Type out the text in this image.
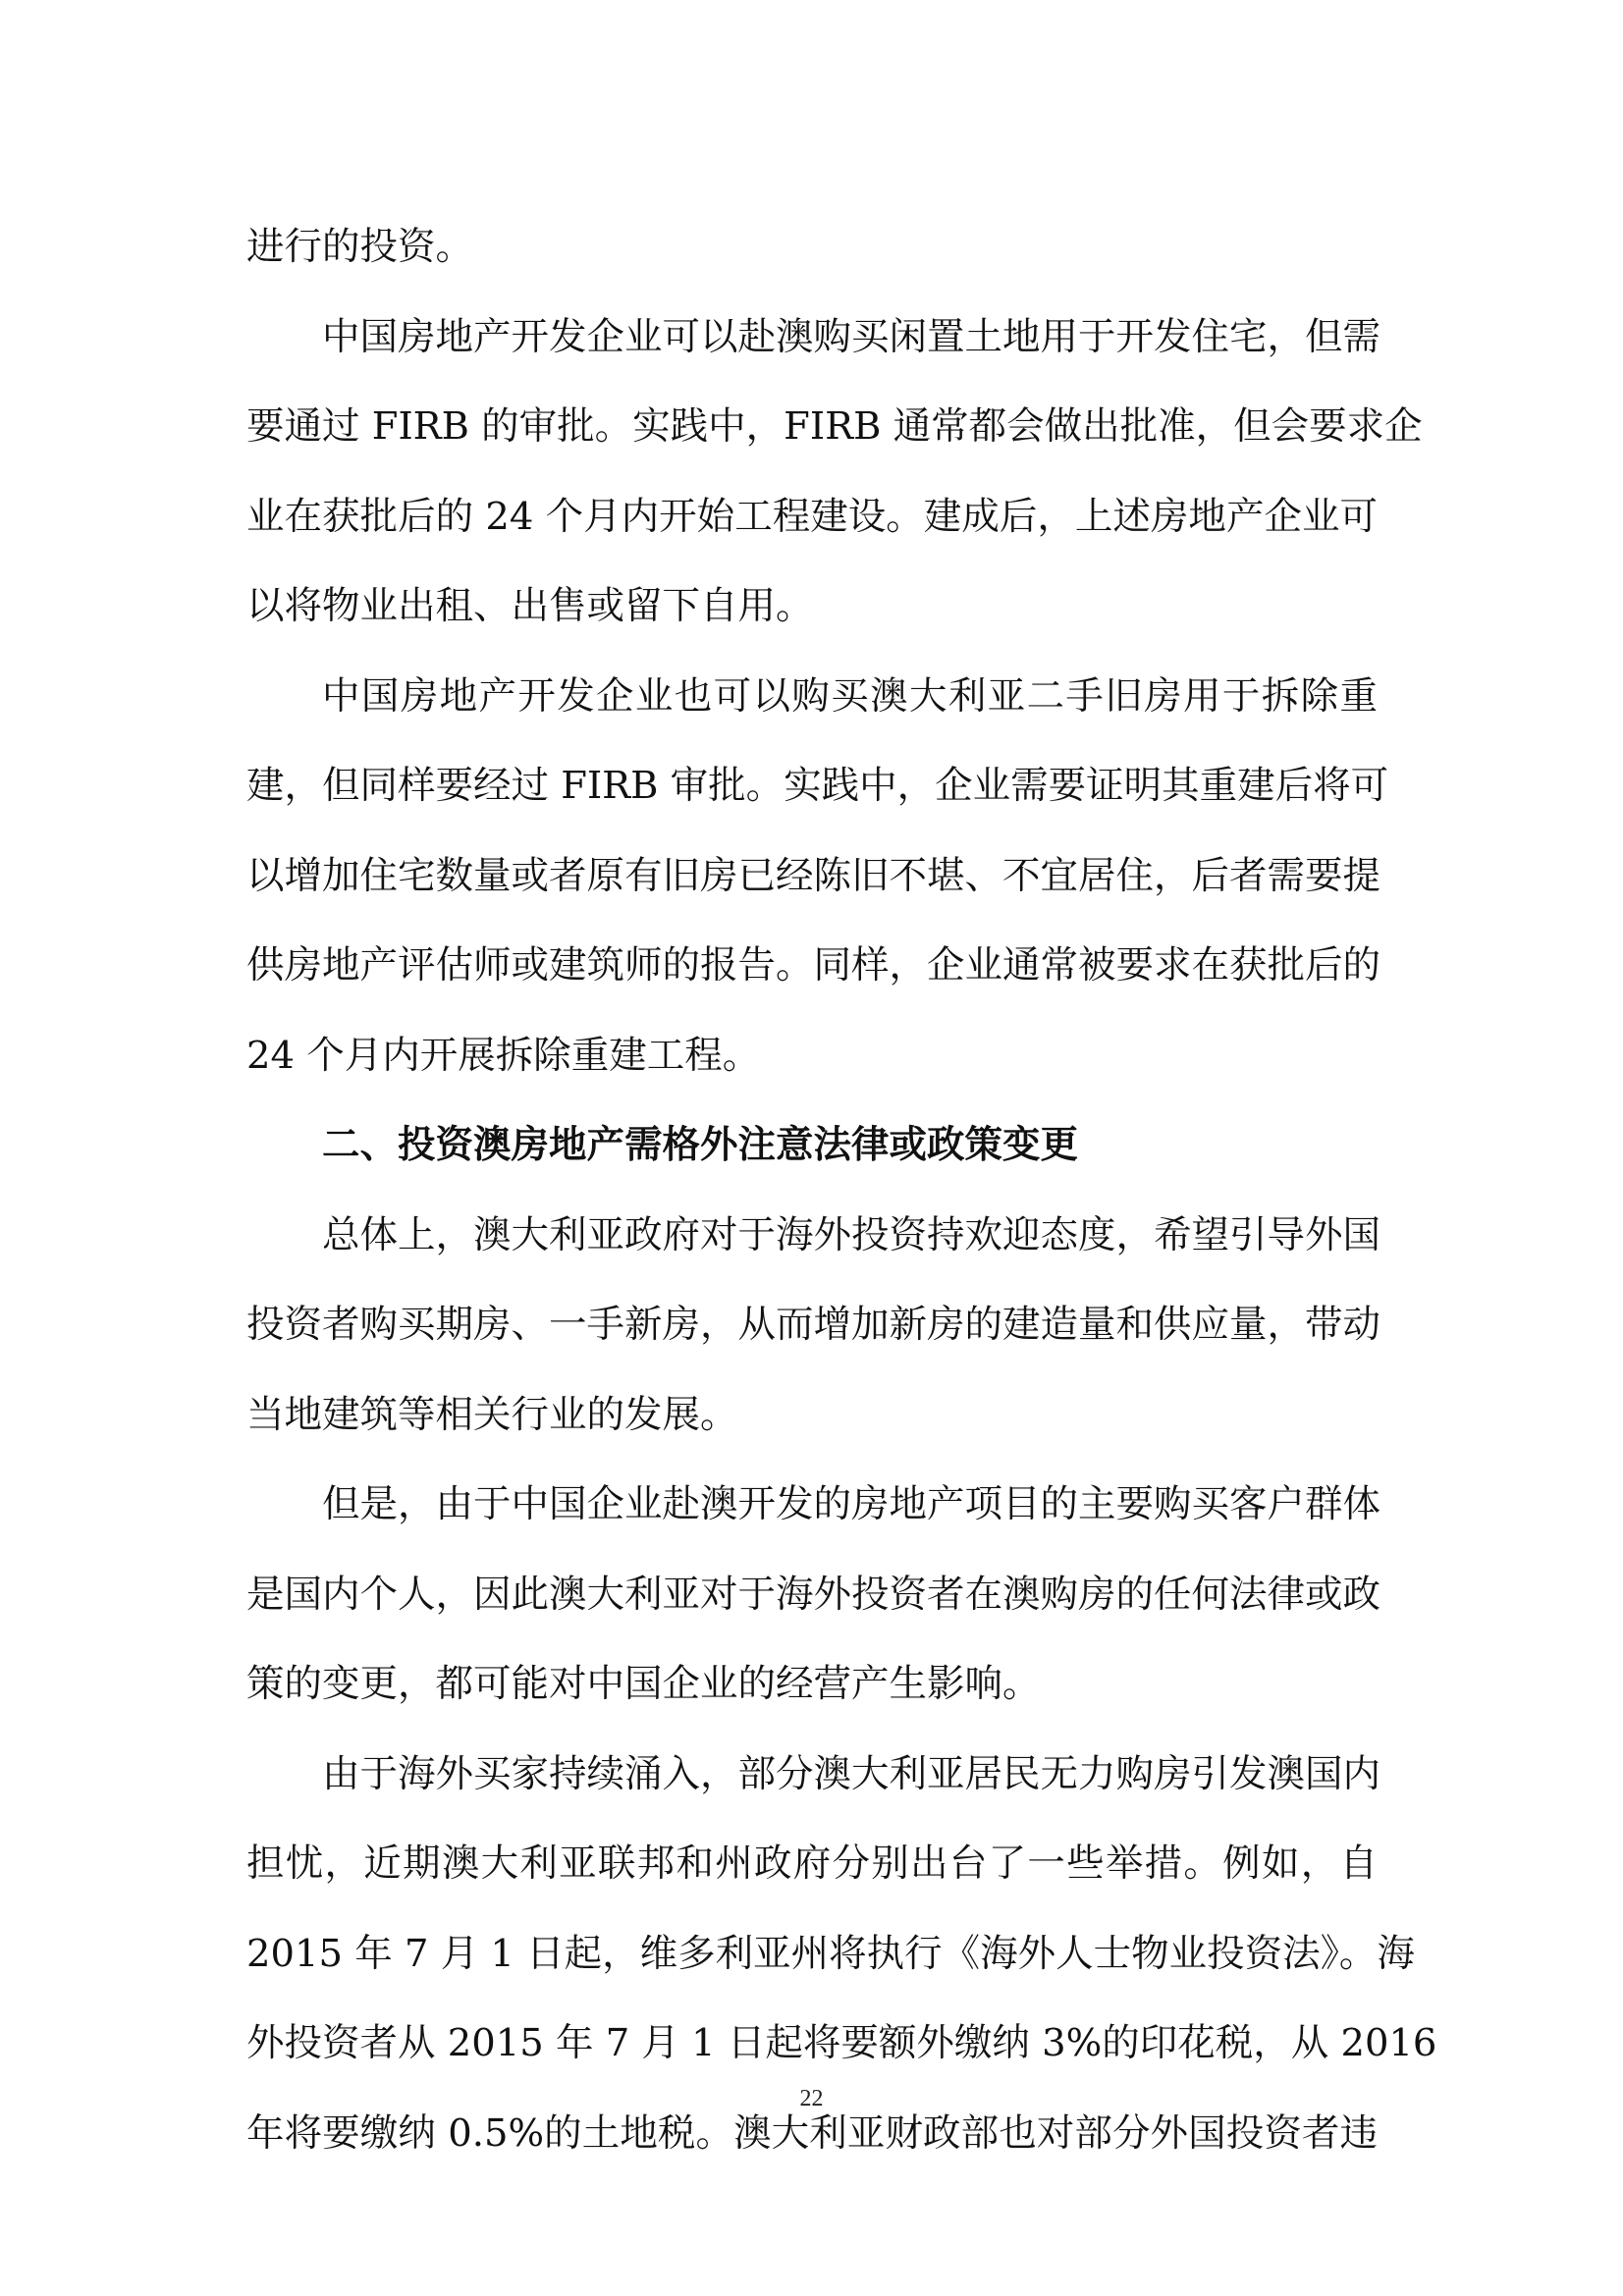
进行的投资。
中国房地产开发企业可以赴澳购买闲置土地用于开发住宅，但需
要通过 FIRB 的审批。实践中，FIRB 通常都会做出批准，但会要求企
业在获批后的 24 个月内开始工程建设。建成后，上述房地产企业可
以将物业出租、出售或留下自用。
中国房地产开发企业也可以购买澳大利亚二手旧房用于拆除重
建，但同样要经过 FIRB 审批。实践中，企业需要证明其重建后将可
以增加住宅数量或者原有旧房已经陈旧不堪、不宜居住，后者需要提
供房地产评估师或建筑师的报告。同样，企业通常被要求在获批后的
24 个月内开展拆除重建工程。
二、投资澳房地产需格外注意法律或政策变更
总体上，澳大利亚政府对于海外投资持欢迎态度，希望引导外国
投资者购买期房、一手新房，从而增加新房的建造量和供应量，带动
当地建筑等相关行业的发展。
但是，由于中国企业赴澳开发的房地产项目的主要购买客户群体
是国内个人，因此澳大利亚对于海外投资者在澳购房的任何法律或政
策的变更，都可能对中国企业的经营产生影响。
由于海外买家持续涌入，部分澳大利亚居民无力购房引发澳国内
担忧，近期澳大利亚联邦和州政府分别出台了一些举措。例如，自
2015 年 7 月 1 日起，维多利亚州将执行《海外人士物业投资法》。海
外投资者从 2015 年 7 月 1 日起将要额外缴纳 3%的印花税，从 2016
年将要缴纳 0.5%的土地税。澳大利亚财政部也对部分外国投资者违
22
